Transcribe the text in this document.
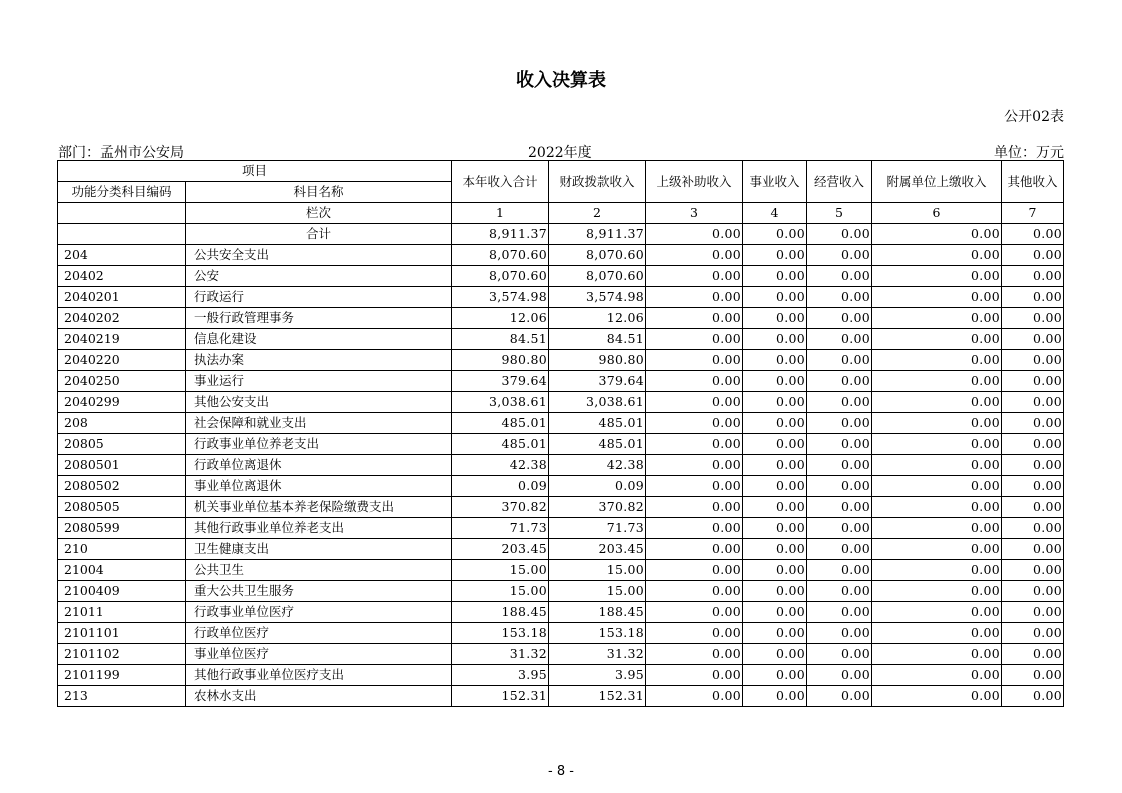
收入决算表
公开02表
部门：孟州市公安局	2022年度	单位：万元
项目		本年收入合计	财政拨款收入	上级补助收入	事业收入	经营收入	附属单位上缴收入	其他收入
功能分类科目编码	科目名称							
	栏次	1	2	3	4	5	6	7
	合计	8,911.37	8,911.37	0.00	0.00	0.00	0.00	0.00
204	公共安全支出	8,070.60	8,070.60	0.00	0.00	0.00	0.00	0.00
20402	公安	8,070.60	8,070.60	0.00	0.00	0.00	0.00	0.00
2040201	行政运行	3,574.98	3,574.98	0.00	0.00	0.00	0.00	0.00
2040202	一般行政管理事务	12.06	12.06	0.00	0.00	0.00	0.00	0.00
2040219	信息化建设	84.51	84.51	0.00	0.00	0.00	0.00	0.00
2040220	执法办案	980.80	980.80	0.00	0.00	0.00	0.00	0.00
2040250	事业运行	379.64	379.64	0.00	0.00	0.00	0.00	0.00
2040299	其他公安支出	3,038.61	3,038.61	0.00	0.00	0.00	0.00	0.00
208	社会保障和就业支出	485.01	485.01	0.00	0.00	0.00	0.00	0.00
20805	行政事业单位养老支出	485.01	485.01	0.00	0.00	0.00	0.00	0.00
2080501	行政单位离退休	42.38	42.38	0.00	0.00	0.00	0.00	0.00
2080502	事业单位离退休	0.09	0.09	0.00	0.00	0.00	0.00	0.00
2080505	机关事业单位基本养老保险缴费支出	370.82	370.82	0.00	0.00	0.00	0.00	0.00
2080599	其他行政事业单位养老支出	71.73	71.73	0.00	0.00	0.00	0.00	0.00
210	卫生健康支出	203.45	203.45	0.00	0.00	0.00	0.00	0.00
21004	公共卫生	15.00	15.00	0.00	0.00	0.00	0.00	0.00
2100409	重大公共卫生服务	15.00	15.00	0.00	0.00	0.00	0.00	0.00
21011	行政事业单位医疗	188.45	188.45	0.00	0.00	0.00	0.00	0.00
2101101	行政单位医疗	153.18	153.18	0.00	0.00	0.00	0.00	0.00
2101102	事业单位医疗	31.32	31.32	0.00	0.00	0.00	0.00	0.00
2101199	其他行政事业单位医疗支出	3.95	3.95	0.00	0.00	0.00	0.00	0.00
213	农林水支出	152.31	152.31	0.00	0.00	0.00	0.00	0.00
- 8 -
